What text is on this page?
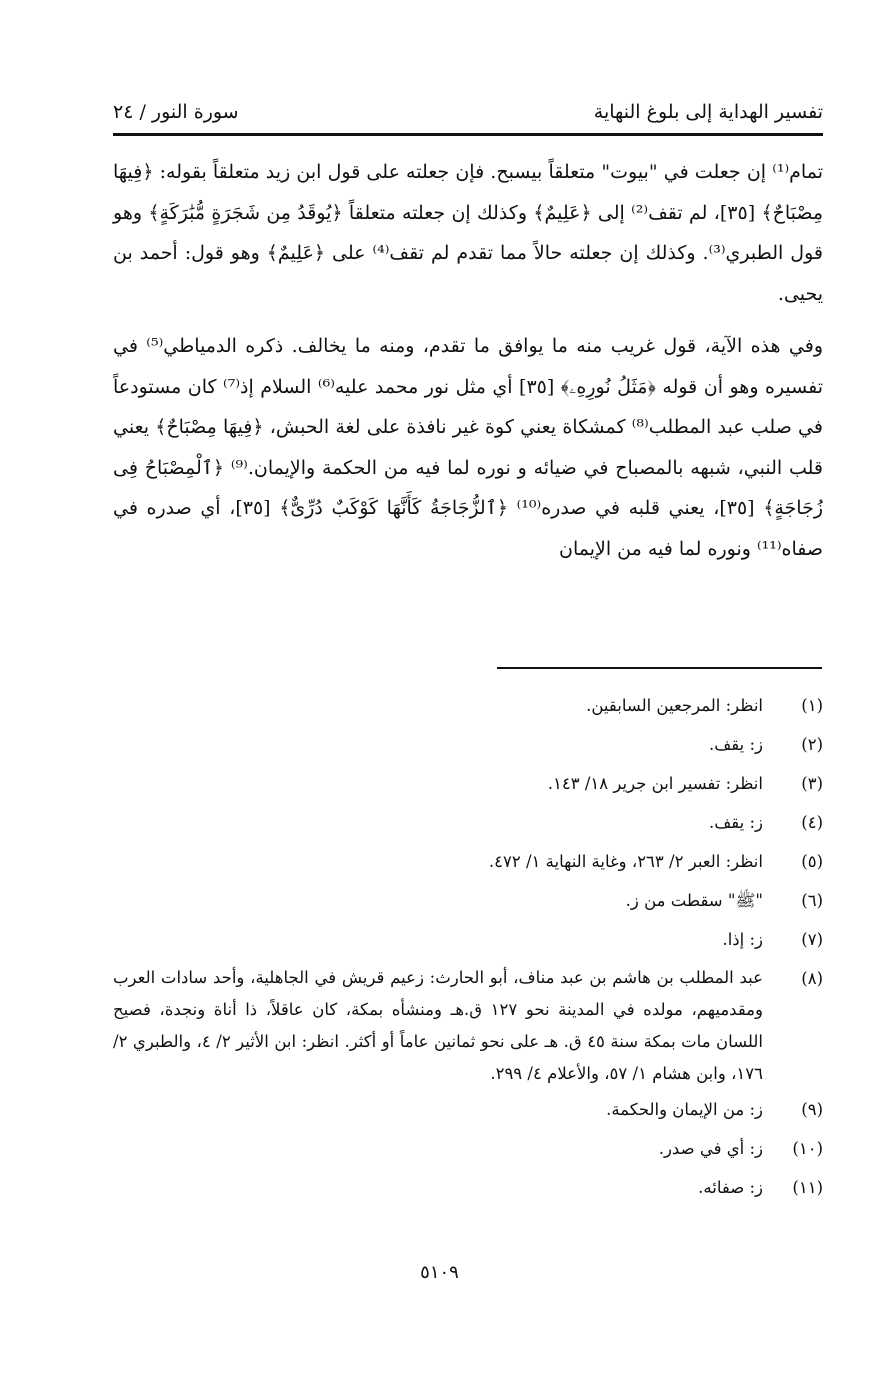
تفسير الهداية إلى بلوغ النهاية
سورة النور / ٢٤

تمام⁽¹⁾ إن جعلت في "بيوت" متعلقاً بيسبح. فإن جعلته على قول ابن زيد متعلقاً بقوله: ﴿فِيهَا مِصْبَاحٌ﴾ [٣٥]، لم تقف⁽²⁾ إلى ﴿عَلِيمٌ﴾ وكذلك إن جعلته متعلقاً ﴿يُوقَدُ مِن شَجَرَةٍ مُّبَٰرَكَةٍ﴾ وهو قول الطبري⁽³⁾. وكذلك إن جعلته حالاً مما تقدم لم تقف⁽⁴⁾ على ﴿عَلِيمٌ﴾ وهو قول: أحمد بن يحيى.

وفي هذه الآية، قول غريب منه ما يوافق ما تقدم، ومنه ما يخالف. ذكره الدمياطي⁽⁵⁾ في تفسيره وهو أن قوله ﴿مَثَلُ نُورِهِۦ﴾ [٣٥] أي مثل نور محمد عليه⁽⁶⁾ السلام إذ⁽⁷⁾ كان مستودعاً في صلب عبد المطلب⁽⁸⁾ كمشكاة يعني كوة غير نافذة على لغة الحبش، ﴿فِيهَا مِصْبَاحٌ﴾ يعني قلب النبي، شبهه بالمصباح في ضيائه و نوره لما فيه من الحكمة والإيمان.⁽⁹⁾ ﴿ٱلْمِصْبَاحُ فِى زُجَاجَةٍ﴾ [٣٥]، يعني قلبه في صدره⁽¹⁰⁾ ﴿ٱلزُّجَاجَةُ كَأَنَّهَا كَوْكَبٌ دُرِّىٌّ﴾ [٣٥]، أي صدره في صفاه⁽¹¹⁾ ونوره لما فيه من الإيمان

(١)
انظر: المرجعين السابقين.
(٢)
ز: يقف.
(٣)
انظر: تفسير ابن جرير ١٨/ ١٤٣.
(٤)
ز: يقف.
(٥)
انظر: العبر ٢/ ٢٦٣، وغاية النهاية ١/ ٤٧٢.
(٦)
"ﷺ" سقطت من ز.
(٧)
ز: إذا.
(٨)
عبد المطلب بن هاشم بن عبد مناف، أبو الحارث: زعيم قريش في الجاهلية، وأحد سادات العرب ومقدميهم، مولده في المدينة نحو ١٢٧ ق.هـ ومنشأه بمكة، كان عاقلاً، ذا أناة ونجدة، فصيح اللسان مات بمكة سنة ٤٥ ق. هـ على نحو ثمانين عاماً أو أكثر. انظر: ابن الأثير ٢/ ٤، والطبري ٢/ ١٧٦، وابن هشام ١/ ٥٧، والأعلام ٤/ ٢٩٩.
(٩)
ز: من الإيمان والحكمة.
(١٠)
ز: أي في صدر.
(١١)
ز: صفائه.
٥١٠٩
